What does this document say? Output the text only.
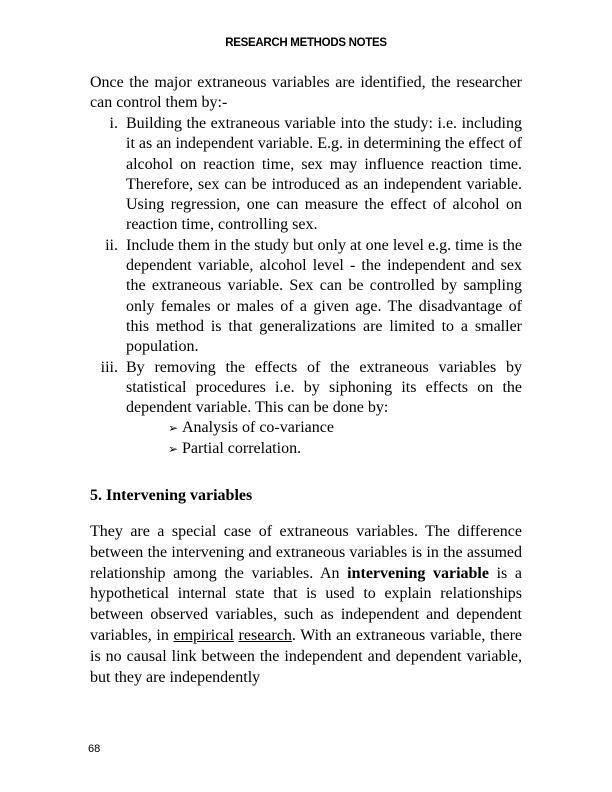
RESEARCH METHODS NOTES

Once the major extraneous variables are identified, the researcher can control them by:-

i. Building the extraneous variable into the study: i.e. including it as an independent variable. E.g. in determining the effect of alcohol on reaction time, sex may influence reaction time. Therefore, sex can be introduced as an independent variable. Using regression, one can measure the effect of alcohol on reaction time, controlling sex.
ii. Include them in the study but only at one level e.g. time is the dependent variable, alcohol level - the independent and sex the extraneous variable. Sex can be controlled by sampling only females or males of a given age. The disadvantage of this method is that generalizations are limited to a smaller population.
iii. By removing the effects of the extraneous variables by statistical procedures i.e. by siphoning its effects on the dependent variable. This can be done by:
➢ Analysis of co-variance
➢ Partial correlation.
5. Intervening variables

They are a special case of extraneous variables. The difference between the intervening and extraneous variables is in the assumed relationship among the variables. An intervening variable is a hypothetical internal state that is used to explain relationships between observed variables, such as independent and dependent variables, in empirical research. With an extraneous variable, there is no causal link between the independent and dependent variable, but they are independently

68
